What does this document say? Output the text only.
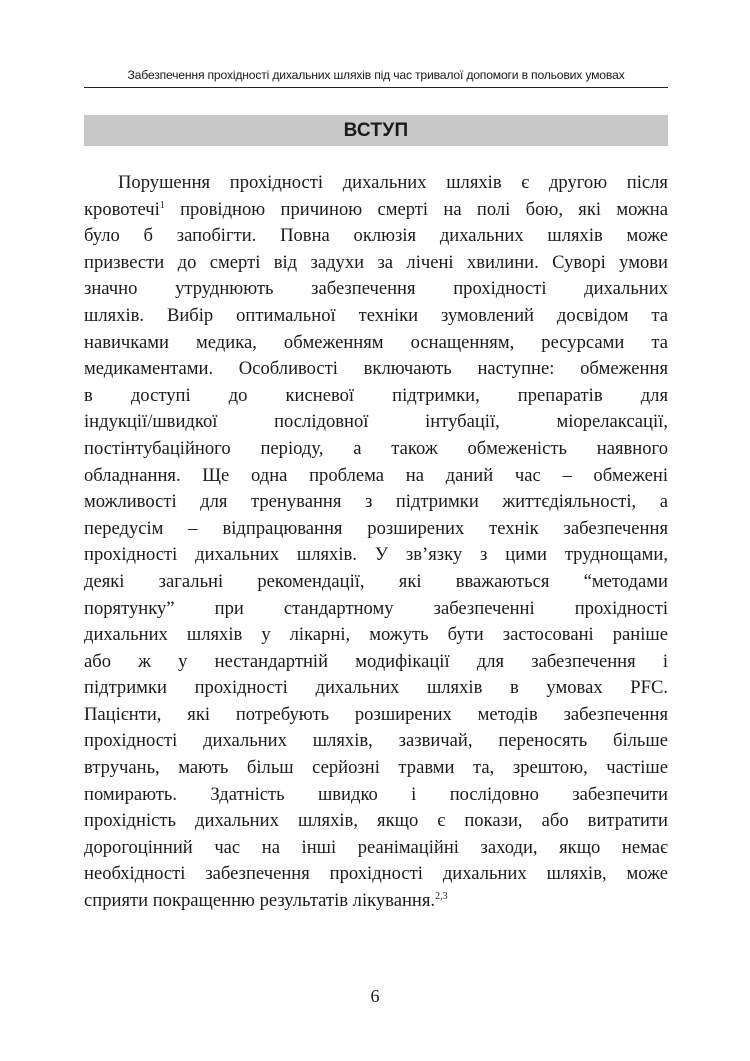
Забезпечення прохідності дихальних шляхів під час тривалої допомоги в польових умовах
ВСТУП
Порушення прохідності дихальних шляхів є другою після
кровотечі$^1$ провідною причиною смерті на полі бою, які можна
було б запобігти. Повна оклюзія дихальних шляхів може
призвести до смерті від задухи за лічені хвилини. Суворі умови
значно утруднюють забезпечення прохідності дихальних
шляхів. Вибір оптимальної техніки зумовлений досвідом та
навичками медика, обмеженням оснащенням, ресурсами та
медикаментами. Особливості включають наступне: обмеження
в доступі до кисневої підтримки, препаратів для
індукції/швидкої послідовної інтубації, міорелаксації,
постінтубаційного періоду, а також обмеженість наявного
обладнання. Ще одна проблема на даний час – обмежені
можливості для тренування з підтримки життєдіяльності, а
передусім – відпрацювання розширених технік забезпечення
прохідності дихальних шляхів. У зв’язку з цими труднощами,
деякі загальні рекомендації, які вважаються “методами
порятунку” при стандартному забезпеченні прохідності
дихальних шляхів у лікарні, можуть бути застосовані раніше
або ж у нестандартній модифікації для забезпечення і
підтримки прохідності дихальних шляхів в умовах PFC.
Пацієнти, які потребують розширених методів забезпечення
прохідності дихальних шляхів, зазвичай, переносять більше
втручань, мають більш серйозні травми та, зрештою, частіше
помирають. Здатність швидко і послідовно забезпечити
прохідність дихальних шляхів, якщо є покази, або витратити
дорогоцінний час на інші реанімаційні заходи, якщо немає
необхідності забезпечення прохідності дихальних шляхів, може
сприяти покращенню результатів лікування.$^{2,3}$
6
